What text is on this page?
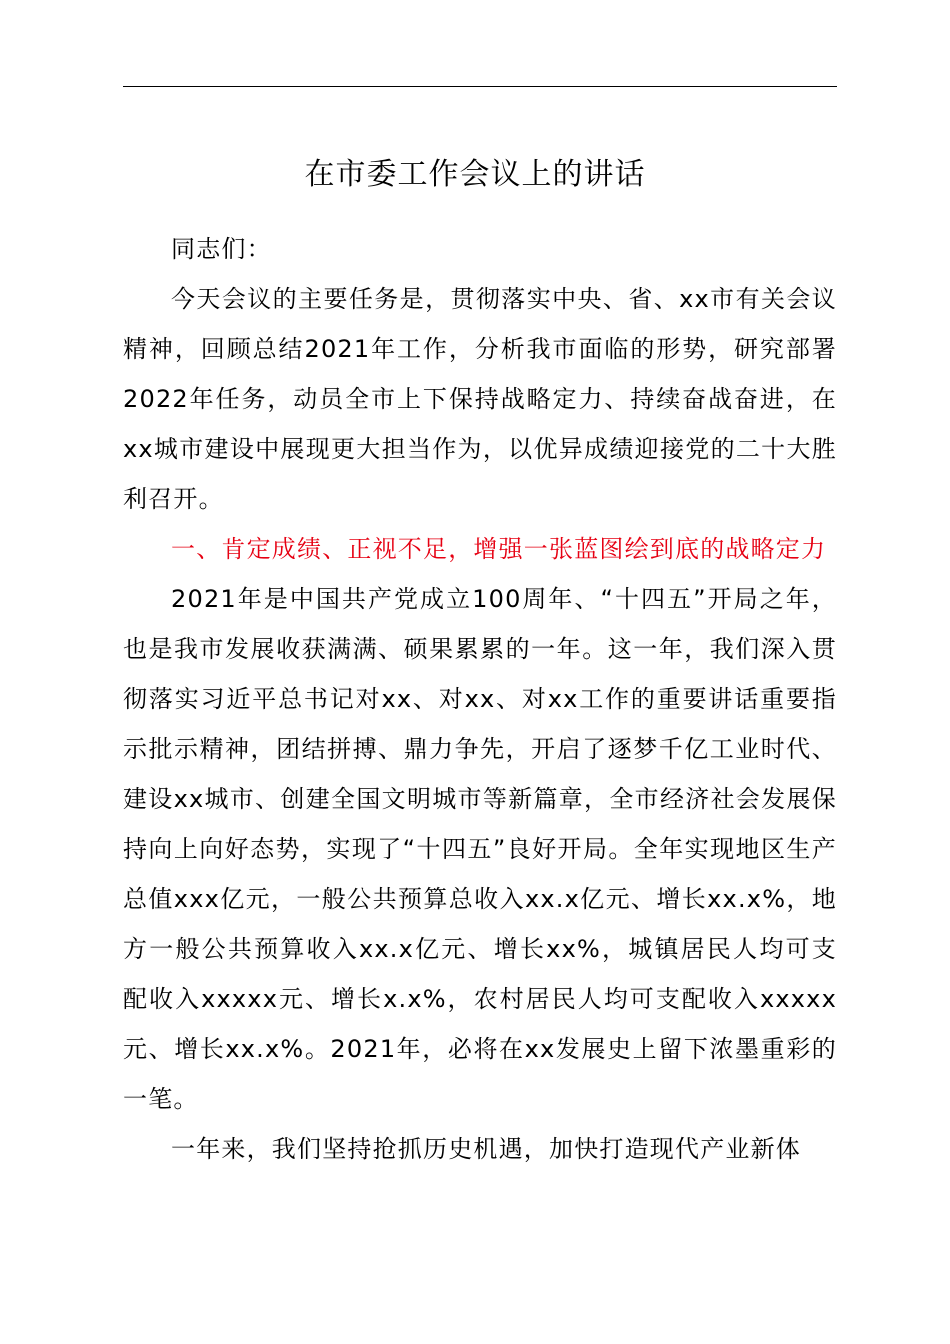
在市委工作会议上的讲话

同志们：

今天会议的主要任务是，贯彻落实中央、省、xx市有关会议精神，回顾总结2021年工作，分析我市面临的形势，研究部署2022年任务，动员全市上下保持战略定力、持续奋战奋进，在xx城市建设中展现更大担当作为，以优异成绩迎接党的二十大胜利召开。

一、肯定成绩、正视不足，增强一张蓝图绘到底的战略定力

2021年是中国共产党成立100周年、“十四五”开局之年，也是我市发展收获满满、硕果累累的一年。这一年，我们深入贯彻落实习近平总书记对xx、对xx、对xx工作的重要讲话重要指示批示精神，团结拼搏、鼎力争先，开启了逐梦千亿工业时代、建设xx城市、创建全国文明城市等新篇章，全市经济社会发展保持向上向好态势，实现了“十四五”良好开局。全年实现地区生产总值xxx亿元，一般公共预算总收入xx.x亿元、增长xx.x%，地方一般公共预算收入xx.x亿元、增长xx%，城镇居民人均可支配收入xxxxx元、增长x.x%，农村居民人均可支配收入xxxxx元、增长xx.x%。2021年，必将在xx发展史上留下浓墨重彩的一笔。

一年来，我们坚持抢抓历史机遇，加快打造现代产业新体
